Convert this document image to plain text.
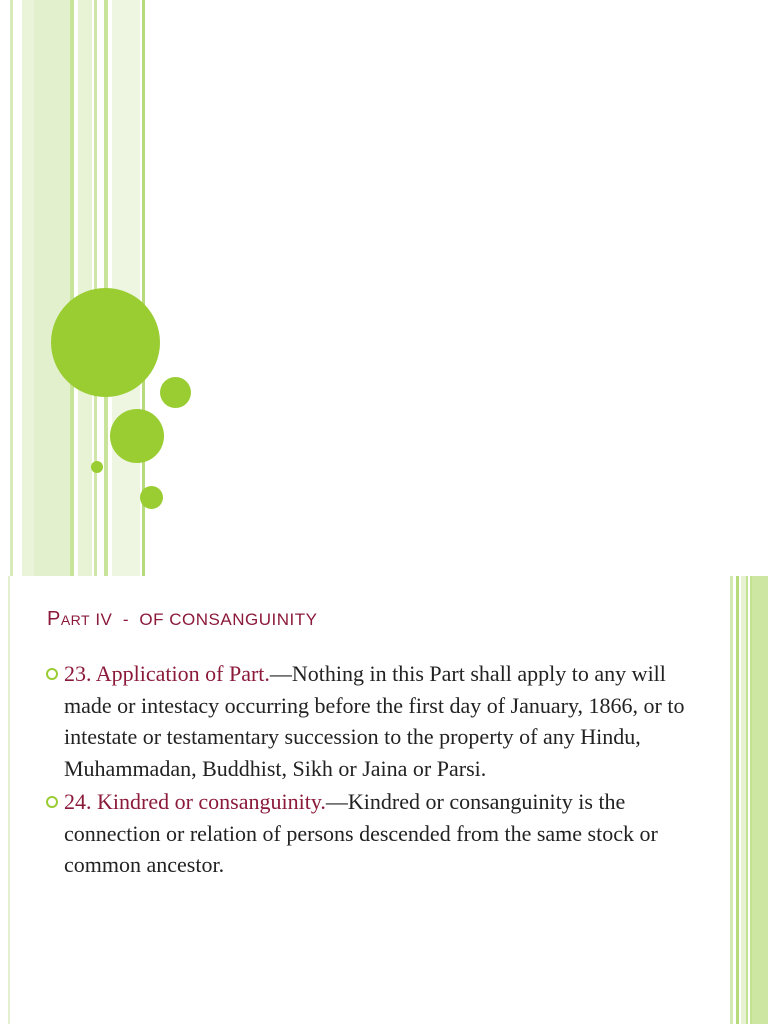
PART IV  -  OF CONSANGUINITY
23. Application of Part.—Nothing in this Part shall apply to any will made or intestacy occurring before the first day of January, 1866, or to intestate or testamentary succession to the property of any Hindu, Muhammadan, Buddhist, Sikh or Jaina or Parsi.
24. Kindred or consanguinity.—Kindred or consanguinity is the connection or relation of persons descended from the same stock or common ancestor.
